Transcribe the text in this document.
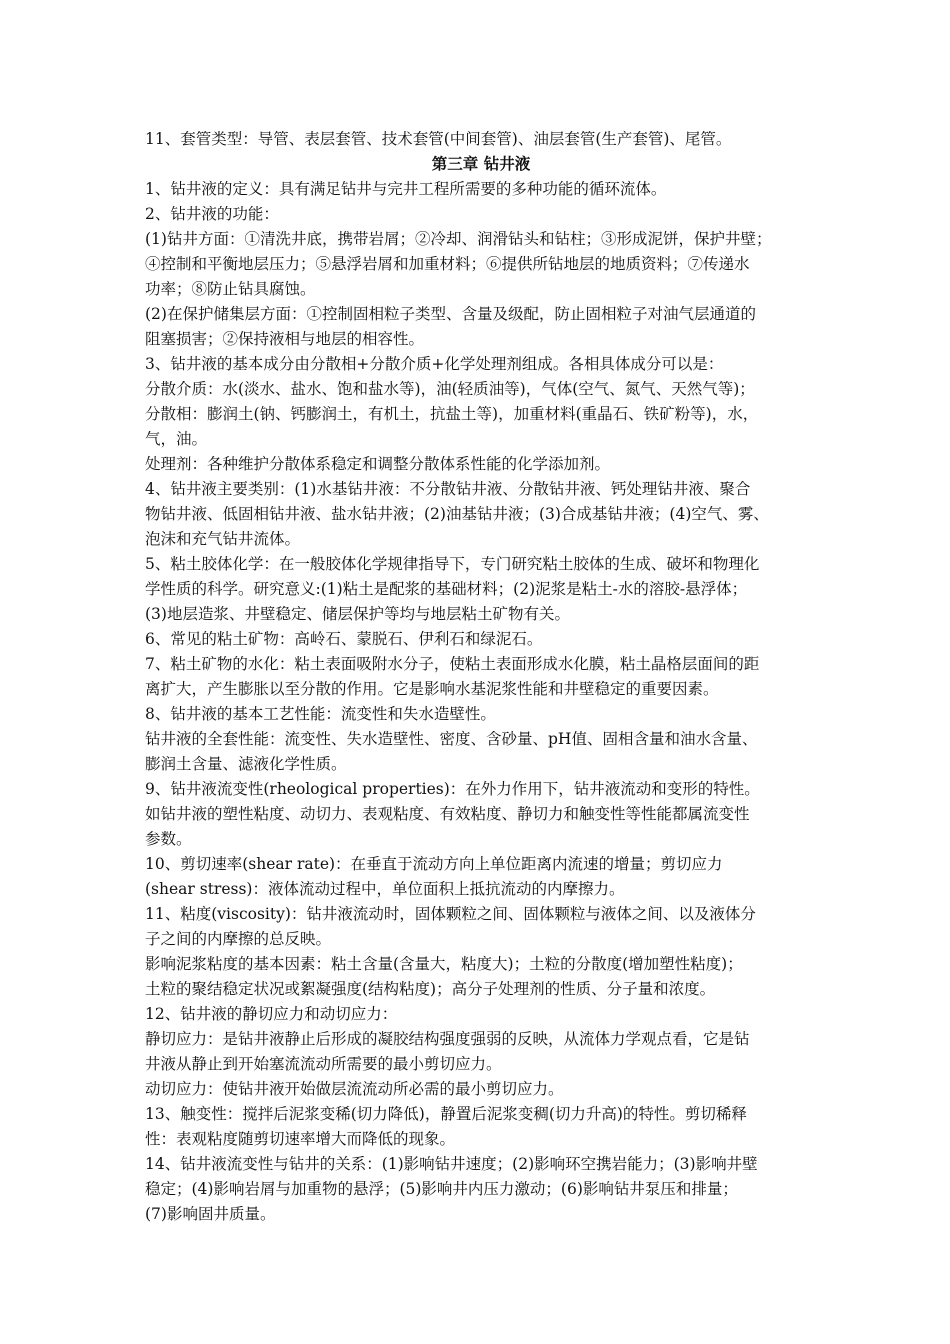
11、套管类型：导管、表层套管、技术套管(中间套管)、油层套管(生产套管)、尾管。
第三章 钻井液
1、钻井液的定义：具有满足钻井与完井工程所需要的多种功能的循环流体。
2、钻井液的功能：
(1)钻井方面：①清洗井底，携带岩屑；②冷却、润滑钻头和钻柱；③形成泥饼，保护井壁；
④控制和平衡地层压力；⑤悬浮岩屑和加重材料；⑥提供所钻地层的地质资料；⑦传递水
功率；⑧防止钻具腐蚀。
(2)在保护储集层方面：①控制固相粒子类型、含量及级配，防止固相粒子对油气层通道的
阻塞损害；②保持液相与地层的相容性。
3、钻井液的基本成分由分散相+分散介质+化学处理剂组成。各相具体成分可以是：
分散介质：水(淡水、盐水、饱和盐水等)，油(轻质油等)，气体(空气、氮气、天然气等)；
分散相：膨润土(钠、钙膨润土，有机土，抗盐土等)，加重材料(重晶石、铁矿粉等)，水，
气，油。
处理剂：各种维护分散体系稳定和调整分散体系性能的化学添加剂。
4、钻井液主要类别：(1)水基钻井液：不分散钻井液、分散钻井液、钙处理钻井液、聚合
物钻井液、低固相钻井液、盐水钻井液；(2)油基钻井液；(3)合成基钻井液；(4)空气、雾、
泡沫和充气钻井流体。
5、粘土胶体化学：在一般胶体化学规律指导下，专门研究粘土胶体的生成、破坏和物理化
学性质的科学。研究意义:(1)粘土是配浆的基础材料；(2)泥浆是粘土-水的溶胶-悬浮体；
(3)地层造浆、井壁稳定、储层保护等均与地层粘土矿物有关。
6、常见的粘土矿物：高岭石、蒙脱石、伊利石和绿泥石。
7、粘土矿物的水化：粘土表面吸附水分子，使粘土表面形成水化膜，粘土晶格层面间的距
离扩大，产生膨胀以至分散的作用。它是影响水基泥浆性能和井壁稳定的重要因素。
8、钻井液的基本工艺性能：流变性和失水造壁性。
钻井液的全套性能：流变性、失水造壁性、密度、含砂量、pH值、固相含量和油水含量、
膨润土含量、滤液化学性质。
9、钻井液流变性(rheological properties)：在外力作用下，钻井液流动和变形的特性。
如钻井液的塑性粘度、动切力、表观粘度、有效粘度、静切力和触变性等性能都属流变性
参数。
10、剪切速率(shear rate)：在垂直于流动方向上单位距离内流速的增量；剪切应力
(shear stress)：液体流动过程中，单位面积上抵抗流动的内摩擦力。
11、粘度(viscosity)：钻井液流动时，固体颗粒之间、固体颗粒与液体之间、以及液体分
子之间的内摩擦的总反映。
影响泥浆粘度的基本因素：粘土含量(含量大，粘度大)；土粒的分散度(增加塑性粘度)；
土粒的聚结稳定状况或絮凝强度(结构粘度)；高分子处理剂的性质、分子量和浓度。
12、钻井液的静切应力和动切应力：
静切应力：是钻井液静止后形成的凝胶结构强度强弱的反映，从流体力学观点看，它是钻
井液从静止到开始塞流流动所需要的最小剪切应力。
动切应力：使钻井液开始做层流流动所必需的最小剪切应力。
13、触变性：搅拌后泥浆变稀(切力降低)，静置后泥浆变稠(切力升高)的特性。剪切稀释
性：表观粘度随剪切速率增大而降低的现象。
14、钻井液流变性与钻井的关系：(1)影响钻井速度；(2)影响环空携岩能力；(3)影响井壁
稳定；(4)影响岩屑与加重物的悬浮；(5)影响井内压力激动；(6)影响钻井泵压和排量；
(7)影响固井质量。
